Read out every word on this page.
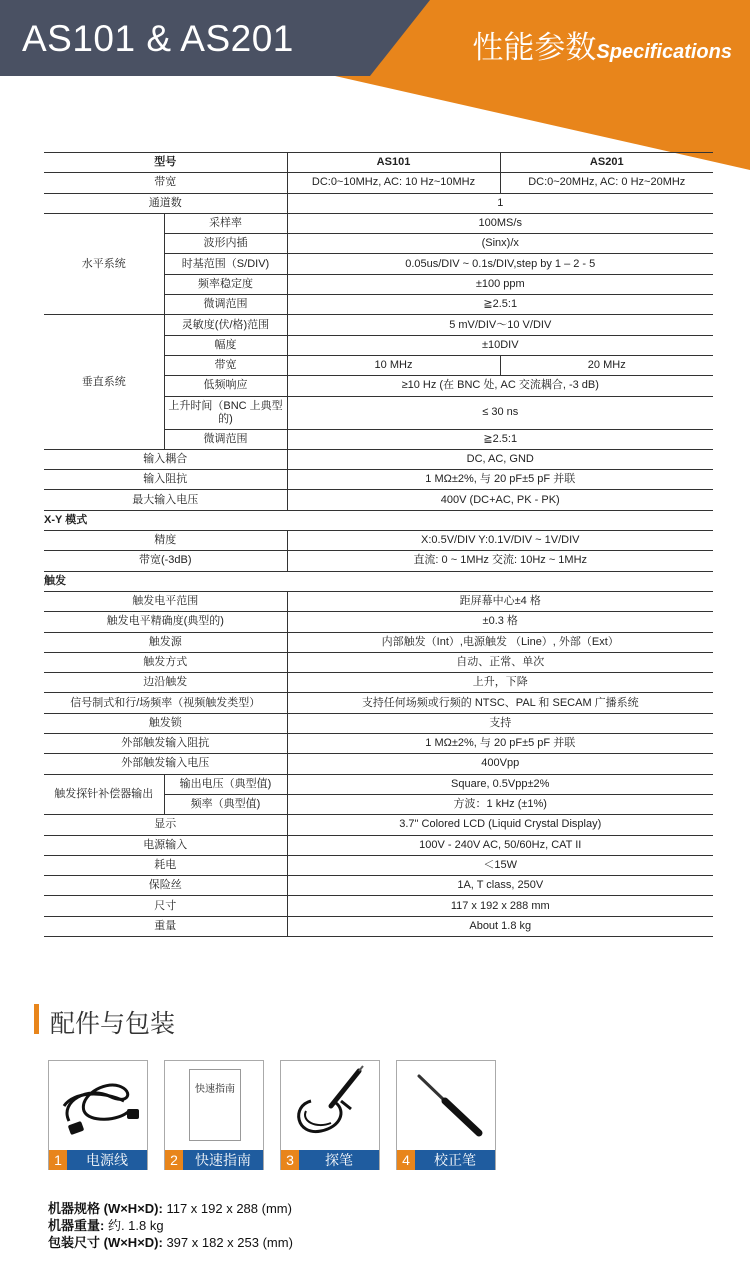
AS101 & AS201	性能参数Specifications
型号		AS101	AS201
带宽		DC:0~10MHz, AC: 10 Hz~10MHz	DC:0~20MHz, AC: 0 Hz~20MHz
通道数		1	
水平系统	采样率	100MS/s	
	波形内插	(Sinx)/x	
	时基范围（S/DIV)	0.05us/DIV ~ 0.1s/DIV,step by 1 – 2 - 5	
	频率稳定度	±100 ppm	
	微调范围	≧2.5:1	
垂直系统	灵敏度(伏/格)范围	5 mV/DIV～10 V/DIV	
	幅度	±10DIV	
	带宽	10 MHz	20 MHz
	低频响应	≥10 Hz (在 BNC 处, AC 交流耦合, -3 dB)	
	上升时间（BNC 上典型的)	≤ 30 ns	
	微调范围	≧2.5:1	
输入耦合		DC, AC, GND	
输入阻抗		1 MΩ±2%, 与 20 pF±5 pF 并联	
最大输入电压		400V (DC+AC, PK - PK)	
X-Y 模式			
精度		X:0.5V/DIV Y:0.1V/DIV ~ 1V/DIV	
带宽(-3dB)		直流: 0 ~ 1MHz 交流: 10Hz ~ 1MHz	
触发			
触发电平范围		距屏幕中心±4 格	
触发电平精确度(典型的)		±0.3 格	
触发源		内部触发（Int）,电源触发 （Line）, 外部（Ext）	
触发方式		自动、正常、单次	
边沿触发		上升，下降	
信号制式和行/场频率（视频触发类型）		支持任何场频或行频的 NTSC、PAL 和 SECAM 广播系统	
触发锁		支持	
外部触发输入阻抗		1 MΩ±2%, 与 20 pF±5 pF 并联	
外部触发输入电压		400Vpp	
触发探针补偿器输出	输出电压（典型值)	Square, 0.5Vpp±2%	
	频率（典型值)	方波：1 kHz (±1%)	
显示		3.7" Colored LCD (Liquid Crystal Display)	
电源输入		100V - 240V AC, 50/60Hz, CAT II	
耗电		＜15W	
保险丝		1A, T class, 250V	
尺寸		117 x 192 x 288 mm	
重量		About 1.8 kg	
配件与包装
1	电源线
快速指南
2	快速指南	3	探笔	4	校正笔
机器规格 (W×H×D): 117 x 192 x 288 (mm)
机器重量: 约. 1.8 kg
包装尺寸 (W×H×D): 397 x 182 x 253 (mm)
